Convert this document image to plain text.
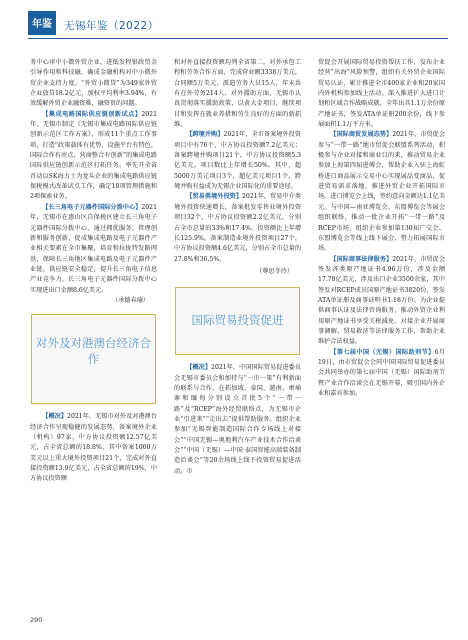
年鉴 无锡年鉴（2022）

务中心审中小微外贸企业，进低发程银政贸金引导作用和科技融，确成金融机构对中小微外贸企业支持力度。“外贸小微贷”为349家外贸企业放贷18.2亿元，加权平均利率3.94%，有效缓解外贸企业融资难、融资贵的问题。

【集成电路国际供应链创新试点】2021年，无锡市制定《无锡市集成电路国际供应链创新示范区工作方案》，形成11个重点工作事项，打造“政策载体有优势，设施平台有特色，国际合作有亮点，营商整合有创新”的集成电路国际供应链创新示范区打拓任务。率先开全省首动以SK海力士为龙头企业的集成电路供应链保税模式改革试点工作，确定10项管理措施和2项探索业务。

【长三角电子元器件国际分拨中心】2021年，无锡市在惠山区自保税区建立长三角电子元器件国际分拨中心，通过拥优服务、管理创新和服务创新，促成集成电路及电子元器件产业相关要素在全市集聚，培育和拉拢特发路网基，保障长三角地区集成电路及电子元器件产业链、供应链安全稳定，提升长三角电子信息产业竞争力。长三角电子元器件国际分拨中心实现进出口金额8.6亿美元。

（承德春瑜）

对外及对港澳台经济合作

【概况】2021年，无锡市对外及对港澳台经济合作呈现稳健的发展态势，备案境外企业（机构）97家，中方协议投资额12.57亿美元，占全省总额的18.8%，其中备案1000万美元以上重大境外投资项目21个，完成对外直接投资额13.9亿美元，占全省总额的19%，中方协议投资额

和对外直接投资额均列全省第二。对外承包工程和劳务合作方面，完成营业额3338万美元，合同额5万美元，派遣劳务人员15人，年末共有在外劳务214人。对外援助方面，无锡市认真贯彻落实援助政策，以黄大金项目，继续项目和发挥在就业养措和劳生良好的方面的新拓维。

【跨境并购】2021年，全市备案境外投资项目中有76个，中方协议投资额7.2亿美元；备案跨境并购项目21个，中方协议投资额5.3亿美元。项目数比上年增长50%。其中，超5000万美元项目3个，超亿美元项目1个，跨境并购有益成为无锡企业国际化的重要途径。

【贸易类境外投资】2021年，贸易中介类境外投资快速增长，备案批发零售业境外投资项目32个，中方协议投资额2.2亿美元，分别占全市总量的33%和17.4%。投资额比上年增长125.9%。备案制造业境外投资项目27个，中方协议投资额4.6亿美元，分别占全市总量的27.8%和36.5%。

（尊思冬玲）

国际贸易投资促进

【概况】2021年，中国国际贸易促进委员会无锡市委员会和加持与“一市一策”有利新面的联系与合作，在拓加坡、泰国、越南、柬埔寨和缅甸分别设立首批5个“一带一路”及“RCEP”海外经贸联络点，为无锡市企业“引进来”“走出去”提供帮助服务。组织企业参加“无锡智能制造国际合作专场线上对接会”“中国无锡—奥地利汽车产业技术合作洽谈会”“中国（无锡）—中国·泰国智能高端装备制造洽谈会”等20余场线上线下投资贸易促进活动。市

贸促会开展国际贸易投资帮扶工作，发布企业经营“出海”风险预警，组织有关外贸企业国际贸易认证，累计推进全市400家企业和20家国内外机构参加线上活动。深入推进扩大进口计划和区域合作战略成就，全年出具1.1万余份原产地证书，签发ATA单证册200余份，线下参展面积1.1万平方米。

【国际商贸发展态势】2021年，市贸促会参与“一带一路”地市贸促会联盟系列活动，积极参与企业对接和商业目的来，推动贸易企业参加上海第四届进博会，帮助企业入驻上海虹桥进口商品展示交易中心实现展品变商品，促进贸易需求落地，推进外贸企业开拓国际市场。进口博览会上线，签约意向金额达1.1亿美元。与中国—南亚博览会、东盟博览会等展会组织联络，推动一批企业开拓“一带一路”及RCEP市场，组织企业参加第130届广交会、东盟博览会等线上线下展会，努力拓展国际市场。

【国际商事法律服务】2021年，市贸促会签发各类原产地证书4.96万份，涉及金额17.78亿美元，涉及出口企业3500余家，其中签发对RCEP成员国原产地证书3820份，签发ATA单证册及商事证明书1.18万份。为企业提供商事认证及法律咨询服务，推动外贸企业利用原产地证书享受关税减免。对接企业开展商事调解、贸易救济等法律服务工作，帮助企业维护合法权益。

【第七届中国（无锡）国际助剂节】6月19日，由市贸促会会同中国国际贸易促进委员会共同举办的第七届中国（无锡）国际助剂节暨产业合作洽谈会在无锡开幕，吸引国内外企业和嘉宾参加。

290
